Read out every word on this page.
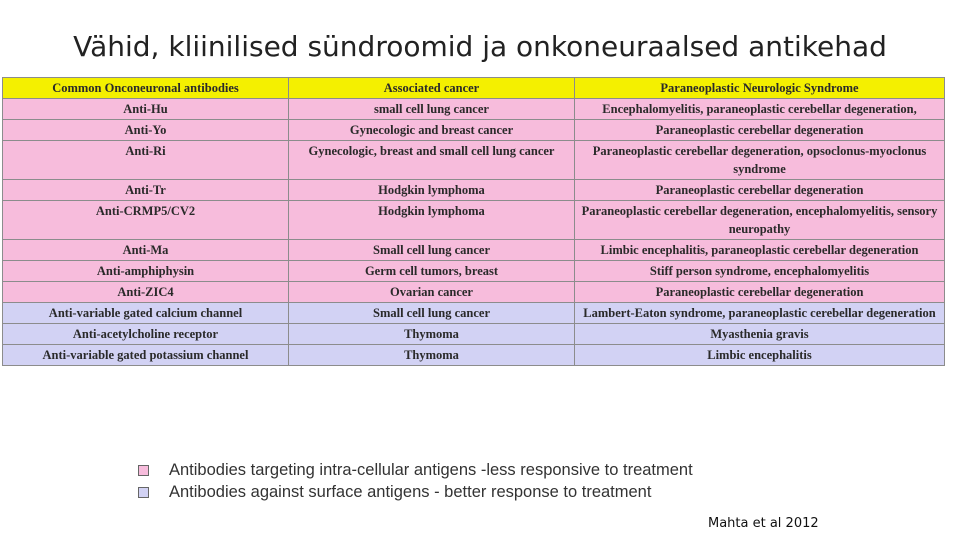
Vähid, kliinilised sündroomid ja onkoneuraalsed antikehad
Common Onconeuronal antibodies	Associated cancer	Paraneoplastic Neurologic Syndrome
Anti-Hu	small cell lung cancer	Encephalomyelitis, paraneoplastic cerebellar degeneration,
Anti-Yo	Gynecologic and breast cancer	Paraneoplastic cerebellar degeneration
Anti-Ri	Gynecologic, breast and small cell lung cancer	Paraneoplastic cerebellar degeneration, opsoclonus-myoclonus syndrome
Anti-Tr	Hodgkin lymphoma	Paraneoplastic cerebellar degeneration
Anti-CRMP5/CV2	Hodgkin lymphoma	Paraneoplastic cerebellar degeneration, encephalomyelitis, sensory neuropathy
Anti-Ma	Small cell lung cancer	Limbic encephalitis, paraneoplastic cerebellar degeneration
Anti-amphiphysin	Germ cell tumors, breast	Stiff person syndrome, encephalomyelitis
Anti-ZIC4	Ovarian cancer	Paraneoplastic cerebellar degeneration
Anti-variable gated calcium channel	Small cell lung cancer	Lambert-Eaton syndrome, paraneoplastic cerebellar degeneration
Anti-acetylcholine receptor	Thymoma	Myasthenia gravis
Anti-variable gated potassium channel	Thymoma	Limbic encephalitis
Antibodies targeting intra-cellular antigens -less responsive to treatment
Antibodies against surface antigens - better response to treatment
Mahta et al 2012
